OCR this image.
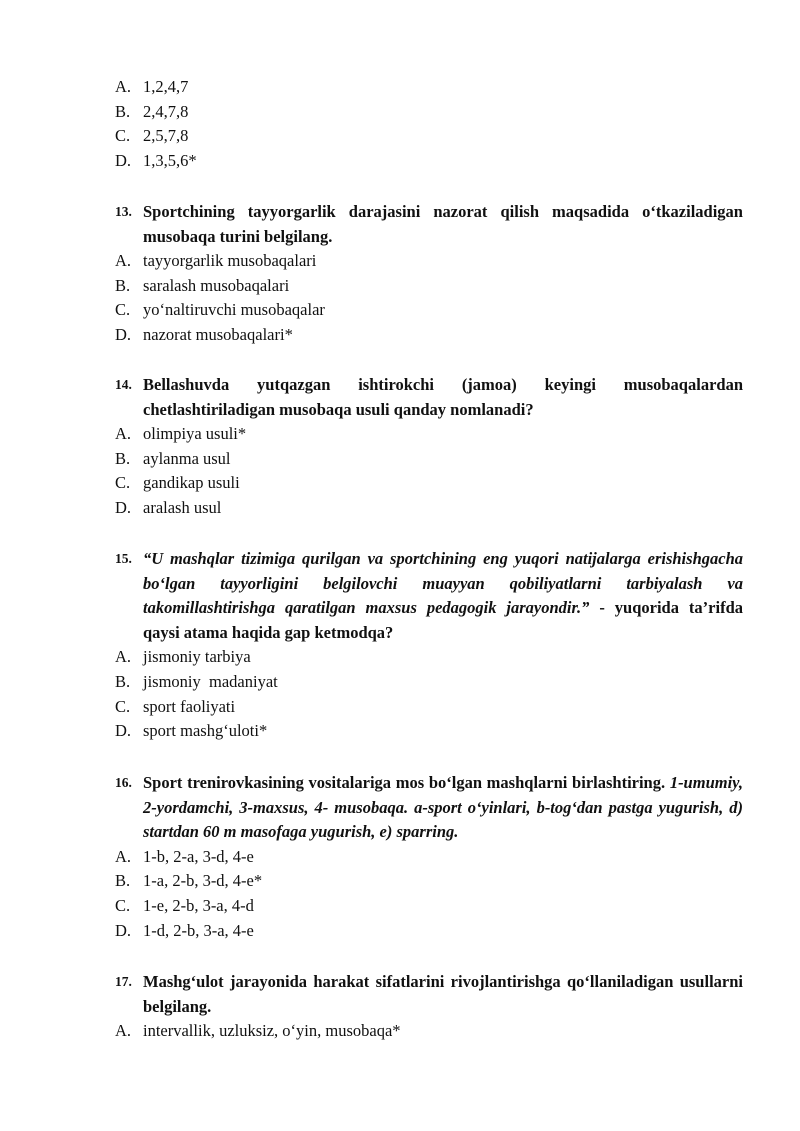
A. 1,2,4,7
B. 2,4,7,8
C. 2,5,7,8
D. 1,3,5,6*
13. Sportchining tayyorgarlik darajasini nazorat qilish maqsadida o‘tkaziladigan musobaqa turini belgilang.
A. tayyorgarlik musobaqalari
B. saralash musobaqalari
C. yo‘naltiruvchi musobaqalar
D. nazorat musobaqalari*
14. Bellashuvda yutqazgan ishtirokchi (jamoa) keyingi musobaqalardan chetlashtiriladigan musobaqa usuli qanday nomlanadi?
A. olimpiya usuli*
B. aylanma usul
C. gandikap usuli
D. aralash usul
15. “U mashqlar tizimiga qurilgan va sportchining eng yuqori natijalarga erishishgacha bo‘lgan tayyorligini belgilovchi muayyan qobiliyatlarni tarbiyalash va takomillashtirishga qaratilgan maxsus pedagogik jarayondir.” - yuqorida ta’rifda qaysi atama haqida gap ketmodqa?
A. jismoniy tarbiya
B. jismoniy  madaniyat
C. sport faoliyati
D. sport mashg‘uloti*
16. Sport trenirovkasining vositalariga mos bo‘lgan mashqlarni birlashtiring. 1-umumiy, 2-yordamchi, 3-maxsus, 4- musobaqa. a-sport o‘yinlari, b-tog‘dan pastga yugurish, d) startdan 60 m masofaga yugurish, e) sparring.
A. 1-b, 2-a, 3-d, 4-e
B. 1-a, 2-b, 3-d, 4-e*
C. 1-e, 2-b, 3-a, 4-d
D. 1-d, 2-b, 3-a, 4-e
17. Mashg‘ulot jarayonida harakat sifatlarini rivojlantirishga qo‘llaniladigan usullarni belgilang.
A. intervallik, uzluksiz, o‘yin, musobaqa*
